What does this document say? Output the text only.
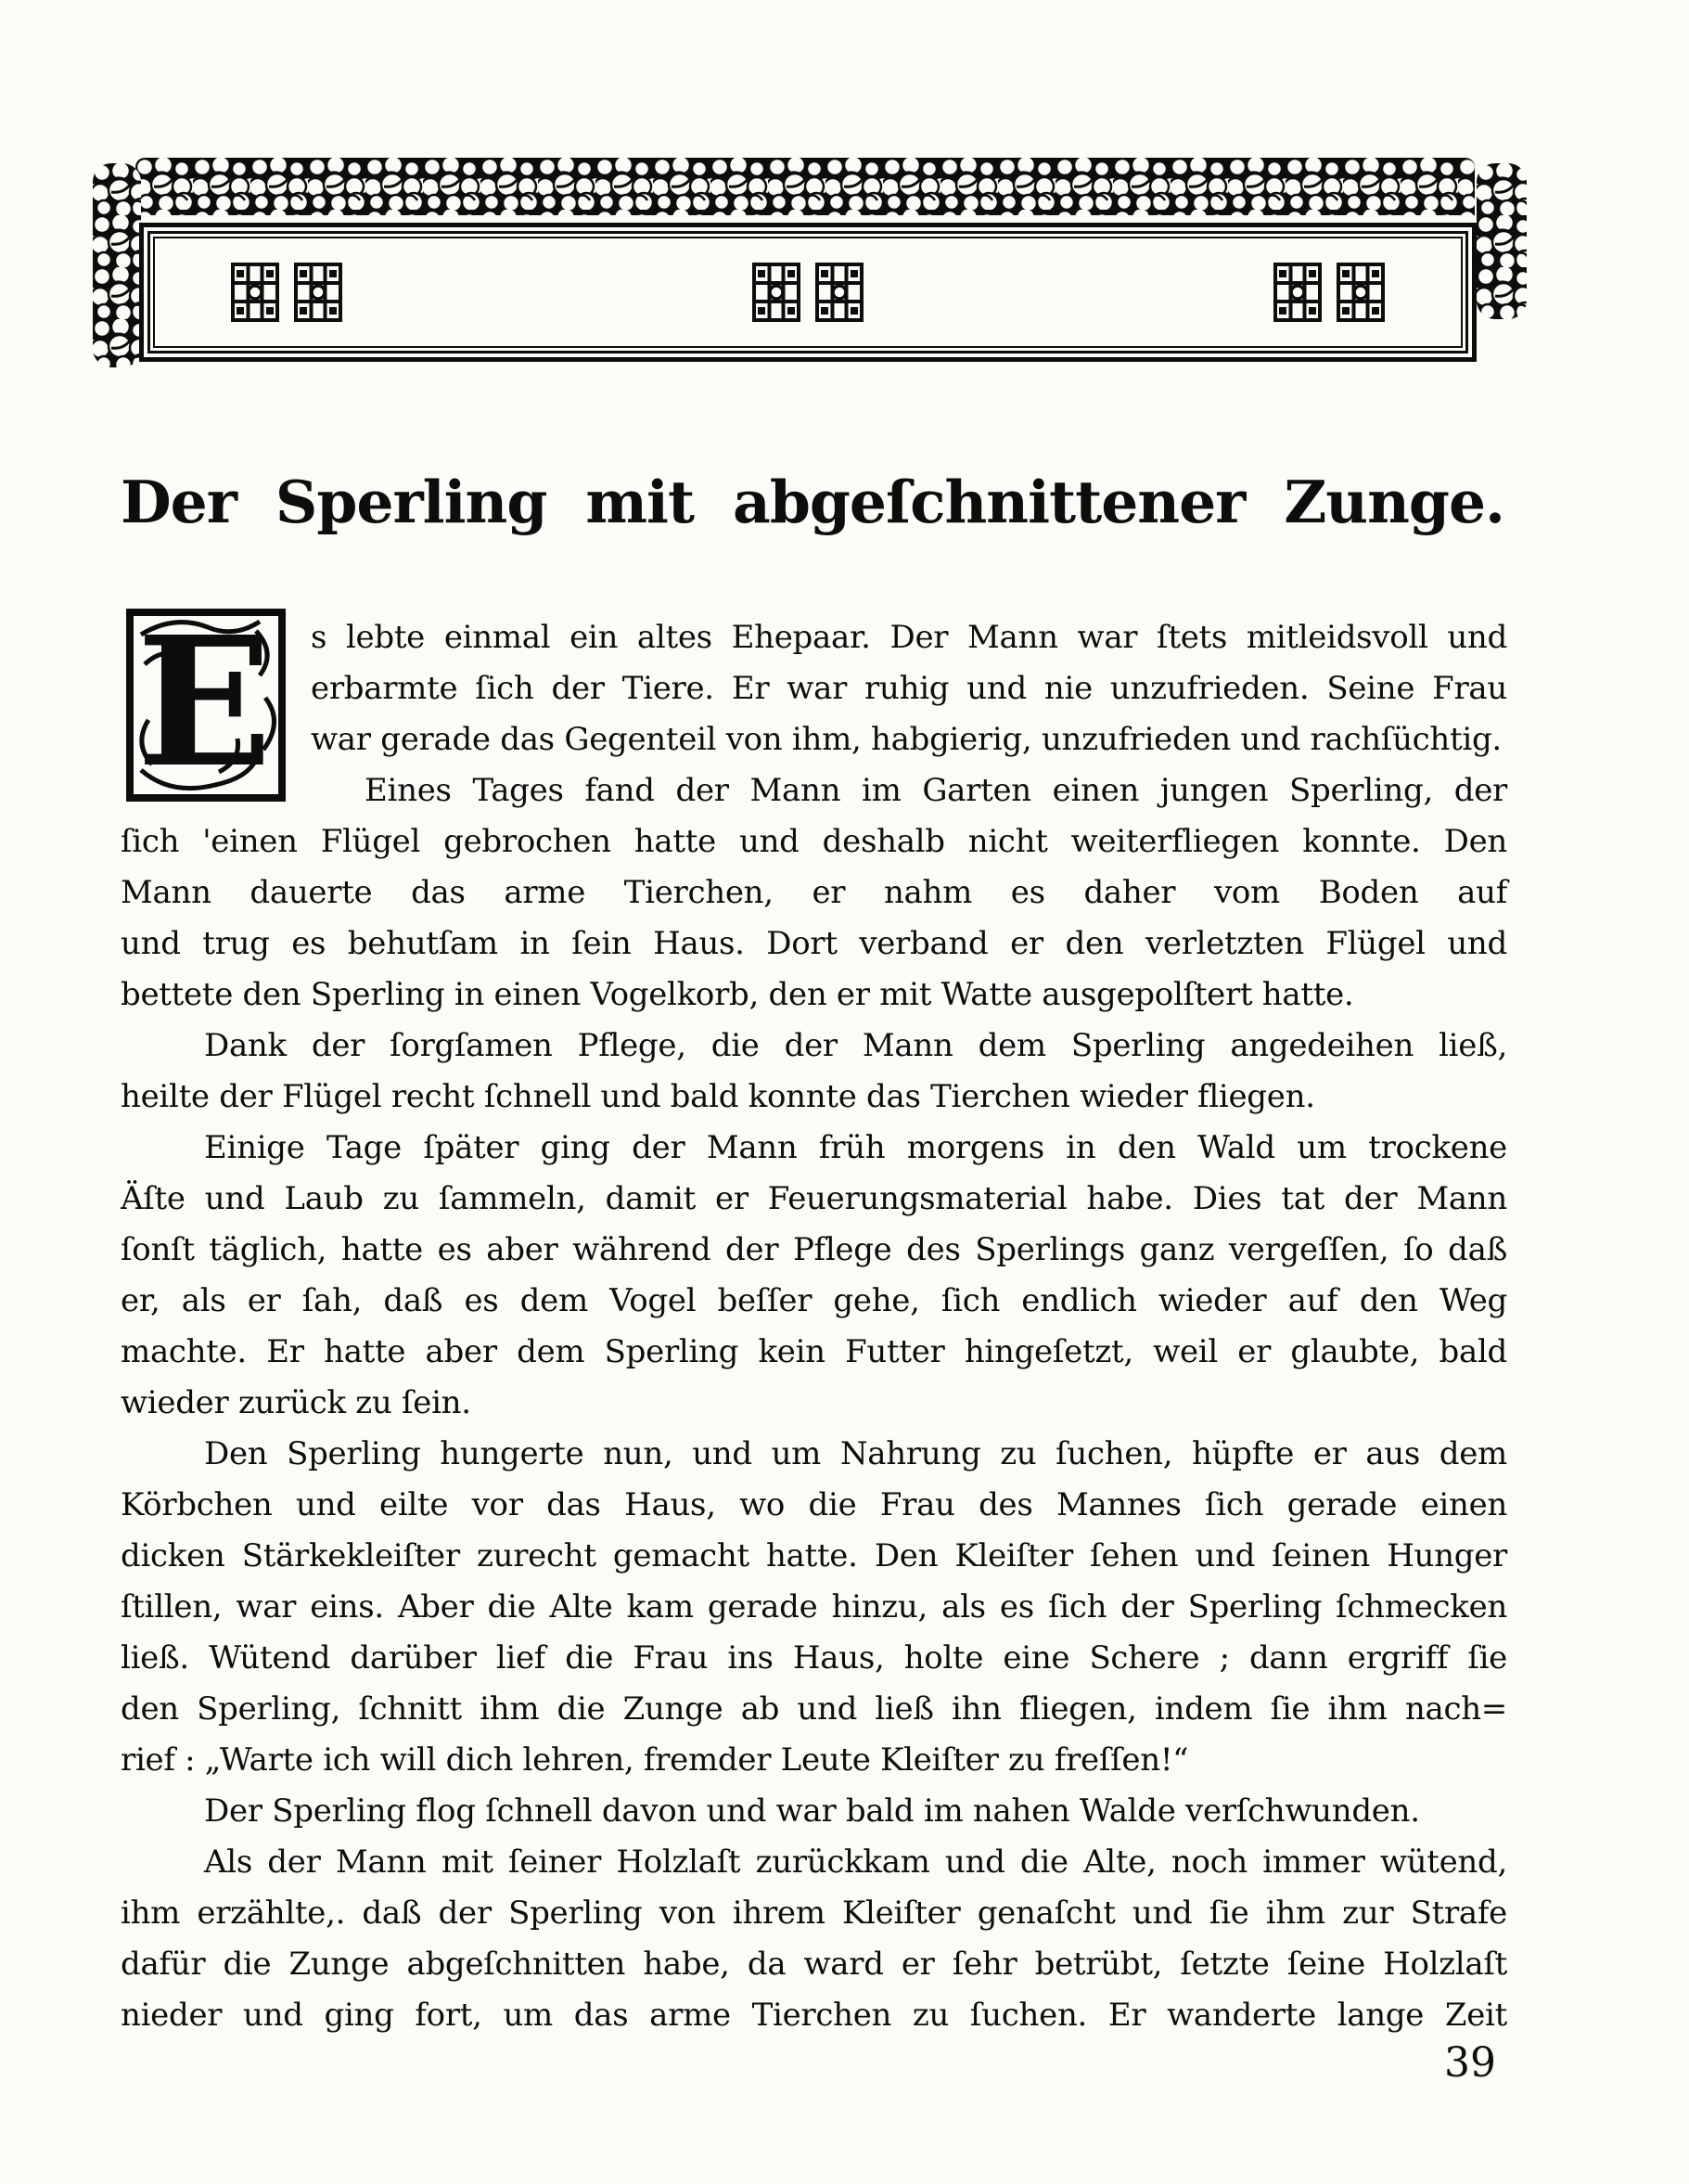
Der Sperling mit abgeſchnittener Zunge.
E s lebte einmal ein altes Ehepaar. Der Mann war ſtets mitleidsvoll und
erbarmte ſich der Tiere. Er war ruhig und nie unzufrieden. Seine Frau
war gerade das Gegenteil von ihm, habgierig, unzufrieden und rachſüchtig.
Eines Tages fand der Mann im Garten einen jungen Sperling, der
ſich 'einen Flügel gebrochen hatte und deshalb nicht weiterfliegen konnte. Den
Mann dauerte das arme Tierchen, er nahm es daher vom Boden auf
und trug es behutſam in ſein Haus. Dort verband er den verletzten Flügel und
bettete den Sperling in einen Vogelkorb, den er mit Watte ausgepolſtert hatte.
Dank der ſorgſamen Pflege, die der Mann dem Sperling angedeihen ließ,
heilte der Flügel recht ſchnell und bald konnte das Tierchen wieder fliegen.
Einige Tage ſpäter ging der Mann früh morgens in den Wald um trockene
Äſte und Laub zu ſammeln, damit er Feuerungsmaterial habe. Dies tat der Mann
ſonſt täglich, hatte es aber während der Pflege des Sperlings ganz vergeſſen, ſo daß
er, als er ſah, daß es dem Vogel beſſer gehe, ſich endlich wieder auf den Weg
machte. Er hatte aber dem Sperling kein Futter hingeſetzt, weil er glaubte, bald
wieder zurück zu ſein.
Den Sperling hungerte nun, und um Nahrung zu ſuchen, hüpfte er aus dem
Körbchen und eilte vor das Haus, wo die Frau des Mannes ſich gerade einen
dicken Stärkekleiſter zurecht gemacht hatte. Den Kleiſter ſehen und ſeinen Hunger
ſtillen, war eins. Aber die Alte kam gerade hinzu, als es ſich der Sperling ſchmecken
ließ. Wütend darüber lief die Frau ins Haus, holte eine Schere ; dann ergriff ſie
den Sperling, ſchnitt ihm die Zunge ab und ließ ihn fliegen, indem ſie ihm nach=
rief : „Warte ich will dich lehren, fremder Leute Kleiſter zu freſſen!“
Der Sperling flog ſchnell davon und war bald im nahen Walde verſchwunden.
Als der Mann mit ſeiner Holzlaſt zurückkam und die Alte, noch immer wütend,
ihm erzählte,. daß der Sperling von ihrem Kleiſter genaſcht und ſie ihm zur Strafe
dafür die Zunge abgeſchnitten habe, da ward er ſehr betrübt, ſetzte ſeine Holzlaſt
nieder und ging fort, um das arme Tierchen zu ſuchen. Er wanderte lange Zeit
39
